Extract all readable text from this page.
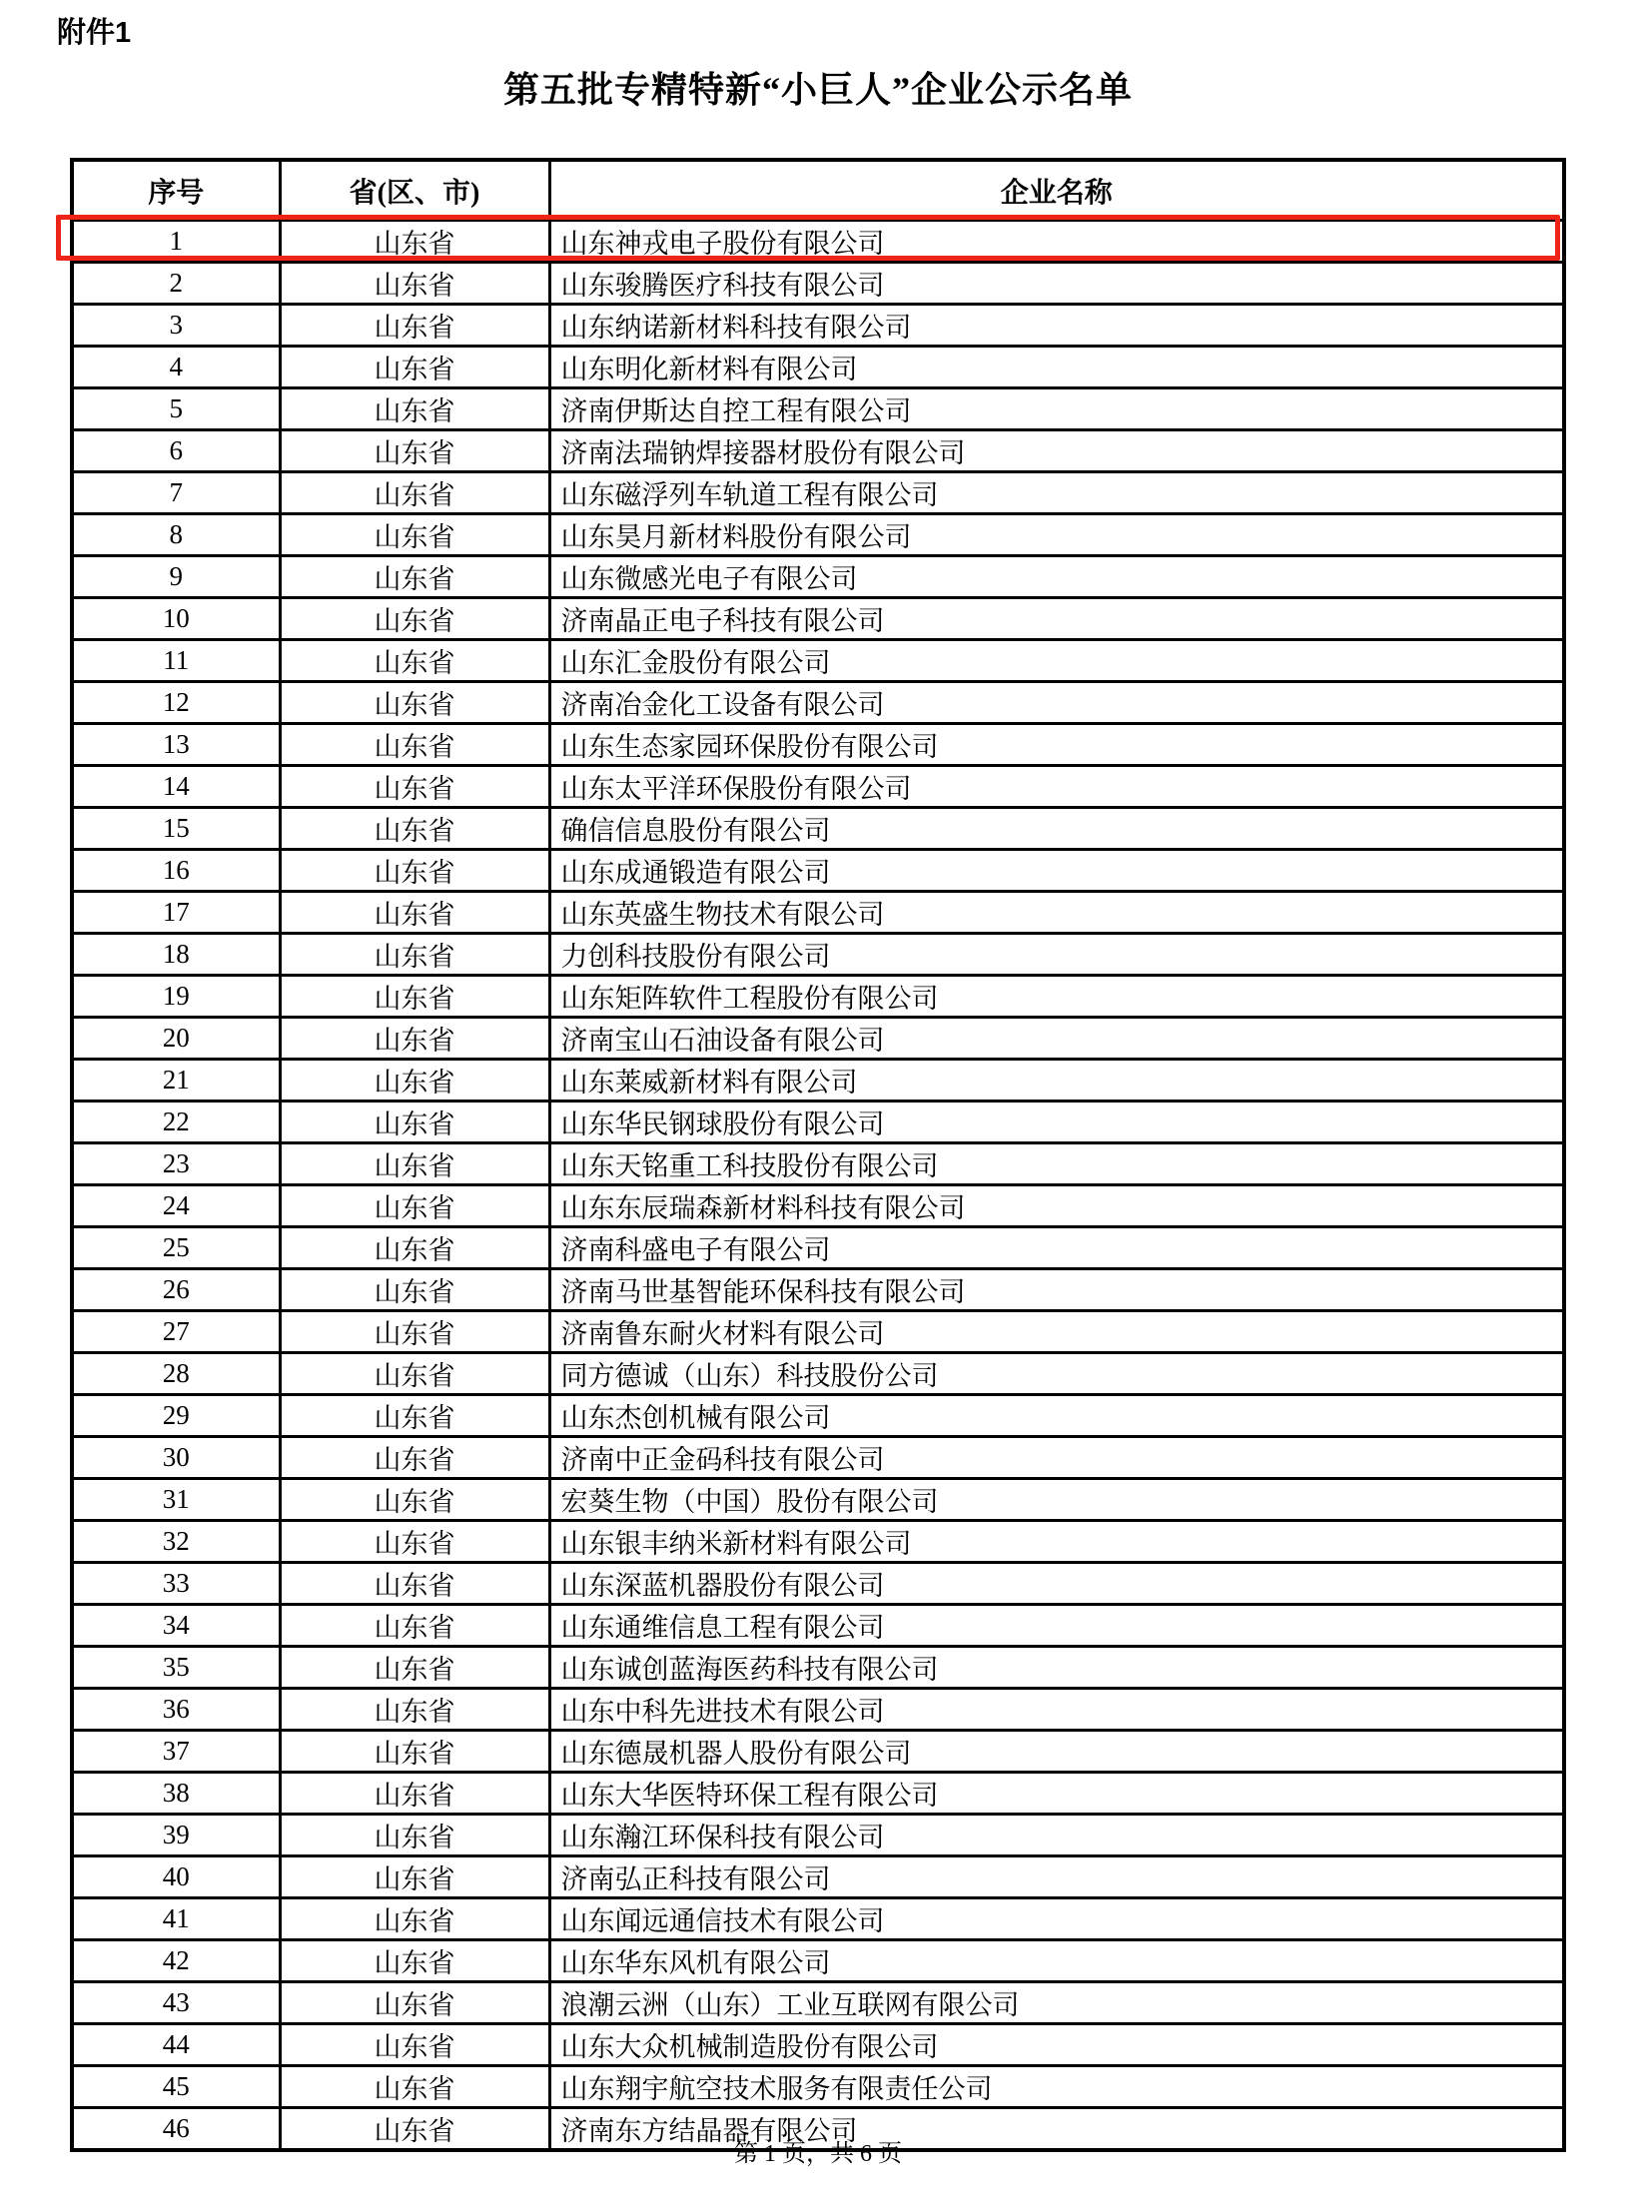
附件1
第五批专精特新“小巨人”企业公示名单
序号	省(区、市)	企业名称
1	山东省	山东神戎电子股份有限公司
2	山东省	山东骏腾医疗科技有限公司
3	山东省	山东纳诺新材料科技有限公司
4	山东省	山东明化新材料有限公司
5	山东省	济南伊斯达自控工程有限公司
6	山东省	济南法瑞钠焊接器材股份有限公司
7	山东省	山东磁浮列车轨道工程有限公司
8	山东省	山东昊月新材料股份有限公司
9	山东省	山东微感光电子有限公司
10	山东省	济南晶正电子科技有限公司
11	山东省	山东汇金股份有限公司
12	山东省	济南冶金化工设备有限公司
13	山东省	山东生态家园环保股份有限公司
14	山东省	山东太平洋环保股份有限公司
15	山东省	确信信息股份有限公司
16	山东省	山东成通锻造有限公司
17	山东省	山东英盛生物技术有限公司
18	山东省	力创科技股份有限公司
19	山东省	山东矩阵软件工程股份有限公司
20	山东省	济南宝山石油设备有限公司
21	山东省	山东莱威新材料有限公司
22	山东省	山东华民钢球股份有限公司
23	山东省	山东天铭重工科技股份有限公司
24	山东省	山东东辰瑞森新材料科技有限公司
25	山东省	济南科盛电子有限公司
26	山东省	济南马世基智能环保科技有限公司
27	山东省	济南鲁东耐火材料有限公司
28	山东省	同方德诚（山东）科技股份公司
29	山东省	山东杰创机械有限公司
30	山东省	济南中正金码科技有限公司
31	山东省	宏葵生物（中国）股份有限公司
32	山东省	山东银丰纳米新材料有限公司
33	山东省	山东深蓝机器股份有限公司
34	山东省	山东通维信息工程有限公司
35	山东省	山东诚创蓝海医药科技有限公司
36	山东省	山东中科先进技术有限公司
37	山东省	山东德晟机器人股份有限公司
38	山东省	山东大华医特环保工程有限公司
39	山东省	山东瀚江环保科技有限公司
40	山东省	济南弘正科技有限公司
41	山东省	山东闻远通信技术有限公司
42	山东省	山东华东风机有限公司
43	山东省	浪潮云洲（山东）工业互联网有限公司
44	山东省	山东大众机械制造股份有限公司
45	山东省	山东翔宇航空技术服务有限责任公司
46	山东省	济南东方结晶器有限公司
第 1 页，共 6 页
